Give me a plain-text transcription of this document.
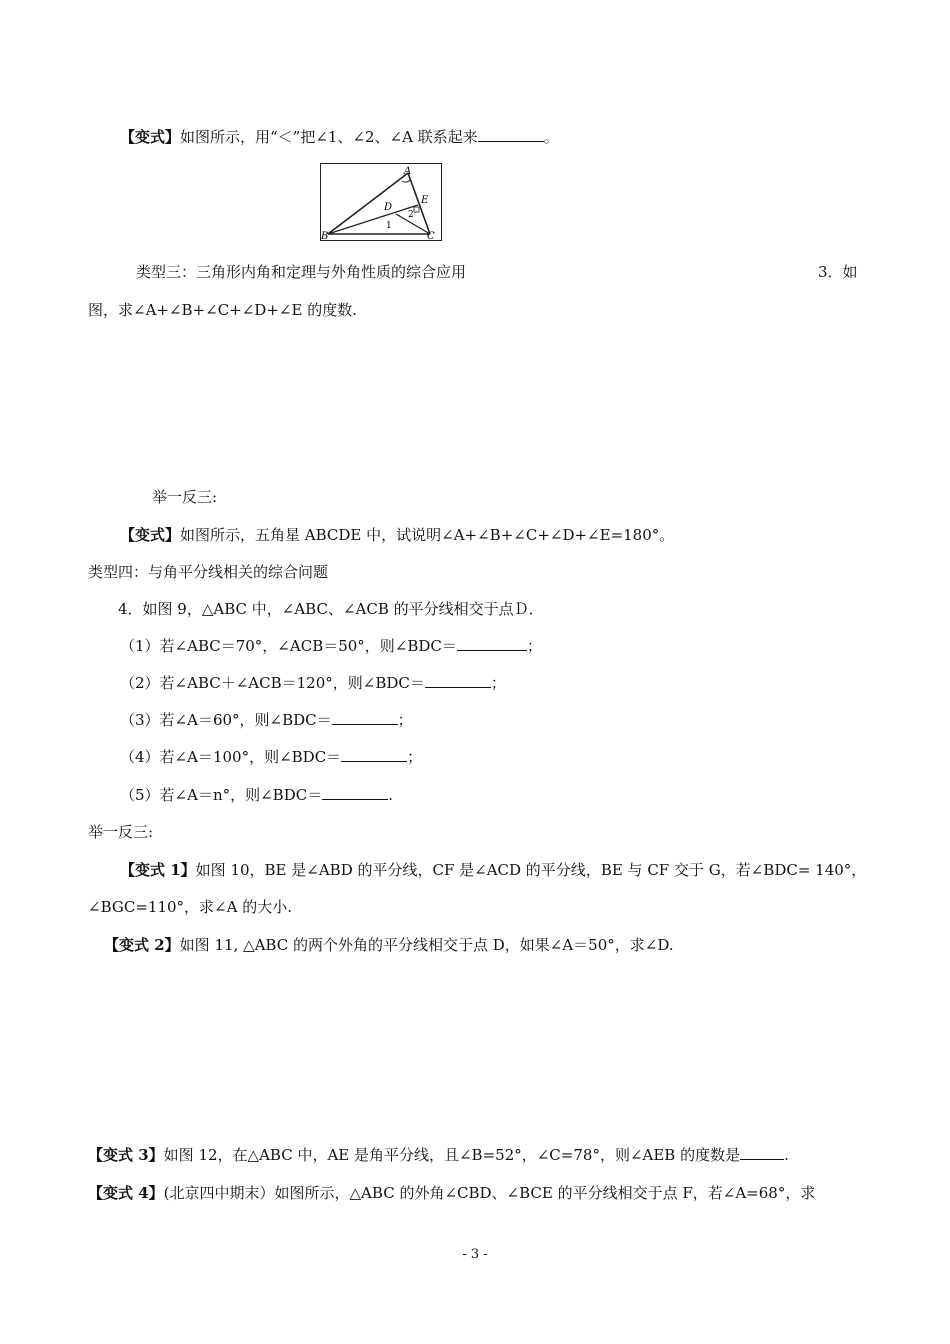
【变式】如图所示，用“＜”把∠1、∠2、∠A 联系起来	。
A
E
D
2
1
B	C
类型三：三角形内角和定理与外角性质的综合应用	3．如
图，求∠A+∠B+∠C+∠D+∠E 的度数.
举一反三:
【变式】如图所示，五角星 ABCDE 中，试说明∠A+∠B+∠C+∠D+∠E=180°。
类型四：与角平分线相关的综合问题
4．如图 9，△ABC 中，∠ABC、∠ACB 的平分线相交于点Ｄ．
（1）若∠ABC＝70°，∠ACB＝50°，则∠BDC＝	；
（2）若∠ABC＋∠ACB＝120°，则∠BDC＝	；
（3）若∠A＝60°，则∠BDC＝	；
（4）若∠A＝100°，则∠BDC＝	；
（5）若∠A＝n°，则∠BDC＝	.
举一反三:
【变式 1】如图 10，BE 是∠ABD 的平分线，CF 是∠ACD 的平分线，BE 与 CF 交于 G，若∠BDC= 140°，
∠BGC=110°，求∠A 的大小.
【变式 2】如图 11, △ABC 的两个外角的平分线相交于点 D，如果∠A＝50°，求∠D.
【变式 3】如图 12，在△ABC 中，AE 是角平分线，且∠B=52°，∠C=78°，则∠AEB 的度数是	.
【变式 4】(北京四中期末）如图所示，△ABC 的外角∠CBD、∠BCE 的平分线相交于点 F，若∠A=68°，求
- 3 -
